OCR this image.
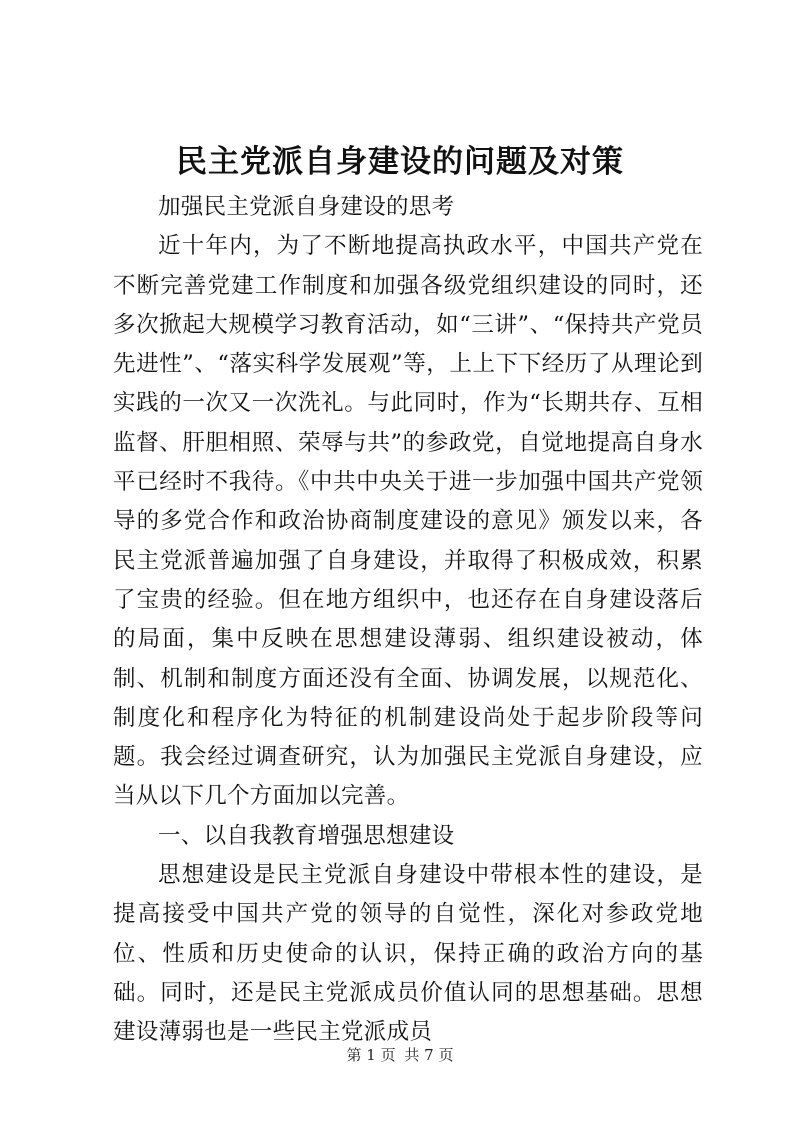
民主党派自身建设的问题及对策

加强民主党派自身建设的思考

近十年内，为了不断地提高执政水平，中国共产党在不断完善党建工作制度和加强各级党组织建设的同时，还多次掀起大规模学习教育活动，如“三讲”、“保持共产党员先进性”、“落实科学发展观”等，上上下下经历了从理论到实践的一次又一次洗礼。与此同时，作为“长期共存、互相监督、肝胆相照、荣辱与共”的参政党，自觉地提高自身水平已经时不我待。《中共中央关于进一步加强中国共产党领导的多党合作和政治协商制度建设的意见》颁发以来，各民主党派普遍加强了自身建设，并取得了积极成效，积累了宝贵的经验。但在地方组织中，也还存在自身建设落后的局面，集中反映在思想建设薄弱、组织建设被动，体制、机制和制度方面还没有全面、协调发展，以规范化、制度化和程序化为特征的机制建设尚处于起步阶段等问题。我会经过调查研究，认为加强民主党派自身建设，应当从以下几个方面加以完善。

一、以自我教育增强思想建设

思想建设是民主党派自身建设中带根本性的建设，是提高接受中国共产党的领导的自觉性，深化对参政党地位、性质和历史使命的认识，保持正确的政治方向的基础。同时，还是民主党派成员价值认同的思想基础。思想建设薄弱也是一些民主党派成员

第 1 页 共 7 页
